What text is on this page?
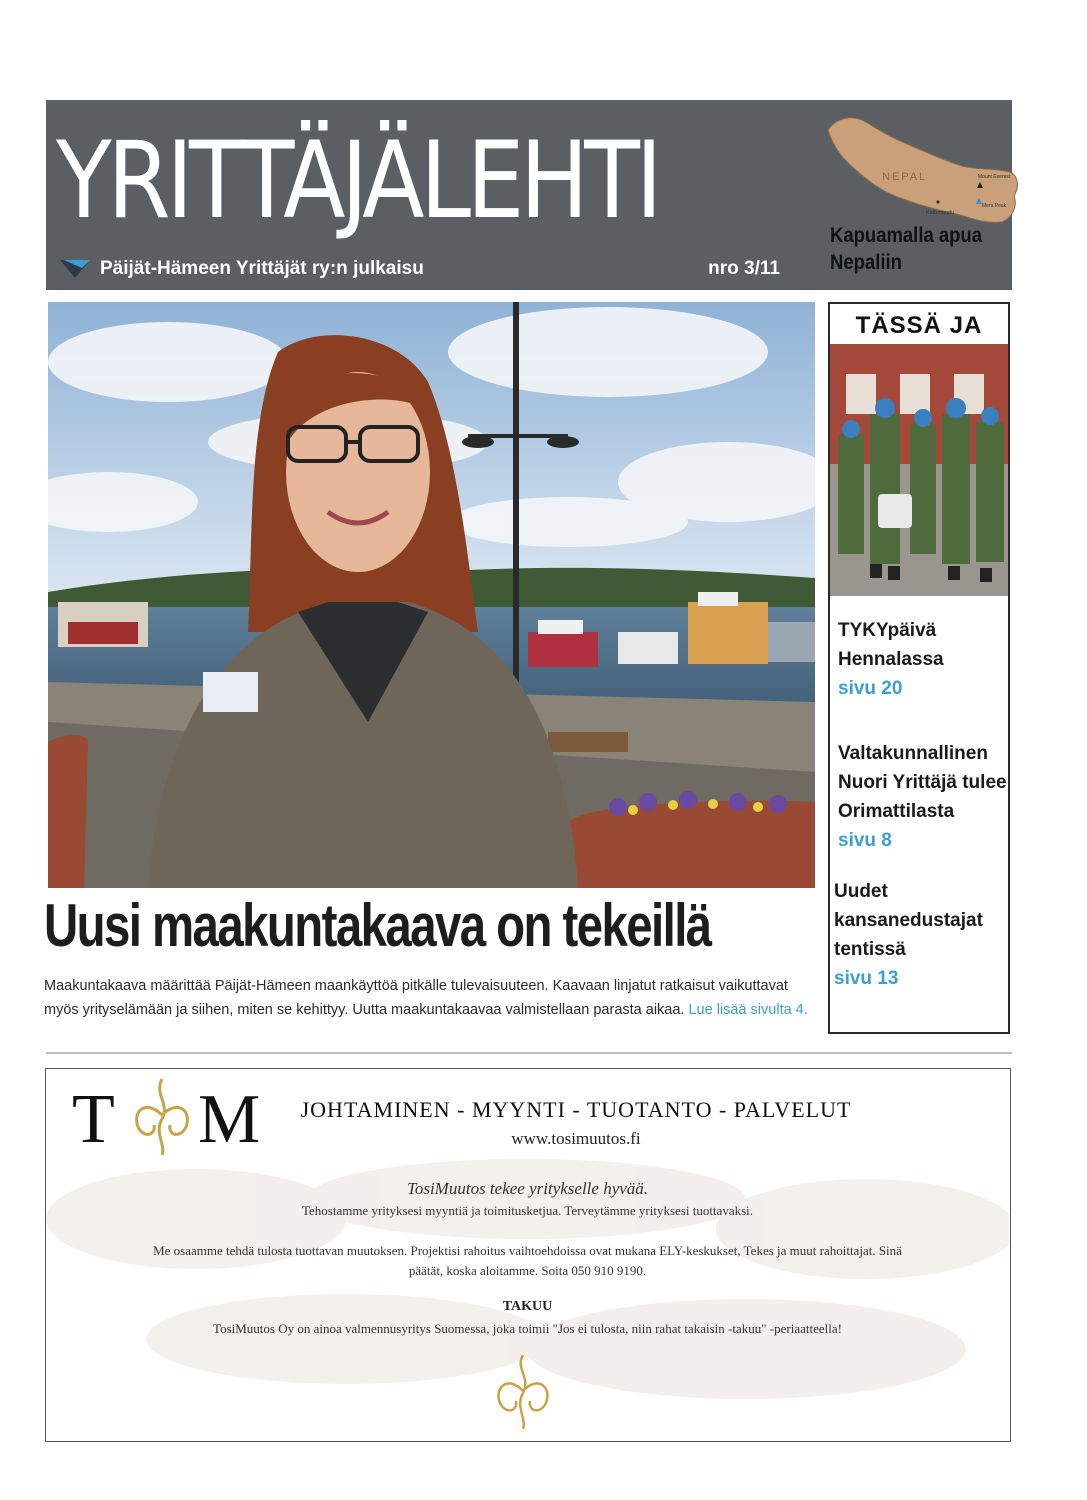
YRITTÄJÄLEHTI	NEPAL
Kathmandu
Mount Everest
Mera Peak
Kapuamalla apua Nepaliin
Päijät-Hämeen Yrittäjät ry:n julkaisu	nro 3/11
Uusi maakuntakaava on tekeillä
Maakuntakaava määrittää Päijät-Hämeen maankäyttöä pitkälle tulevaisuuteen. Kaavaan linjatut ratkaisut vaikuttavat myös yrityselämään ja siihen, miten se kehittyy. Uutta maakuntakaavaa valmistellaan parasta aikaa. Lue lisää sivulta 4.
TÄSSÄ JA
TYKYpäivä Hennalassa
sivu 20
Valtakunnallinen Nuori Yrittäjä tulee Orimattilasta
sivu 8
Uudet kansanedustajat tentissä
sivu 13
T M	JOHTAMINEN - MYYNTI - TUOTANTO - PALVELUT
www.tosimuutos.fi
TosiMuutos tekee yritykselle hyvää.
Tehostamme yrityksesi myyntiä ja toimitusketjua. Terveytämme yrityksesi tuottavaksi.
Me osaamme tehdä tulosta tuottavan muutoksen. Projektisi rahoitus vaihtoehdoissa ovat mukana ELY-keskukset, Tekes ja muut rahoittajat. Sinä päätät, koska aloitamme. Soita 050 910 9190.
TAKUU
TosiMuutos Oy on ainoa valmennusyritys Suomessa, joka toimii "Jos ei tulosta, niin rahat takaisin -takuu" -periaatteella!
